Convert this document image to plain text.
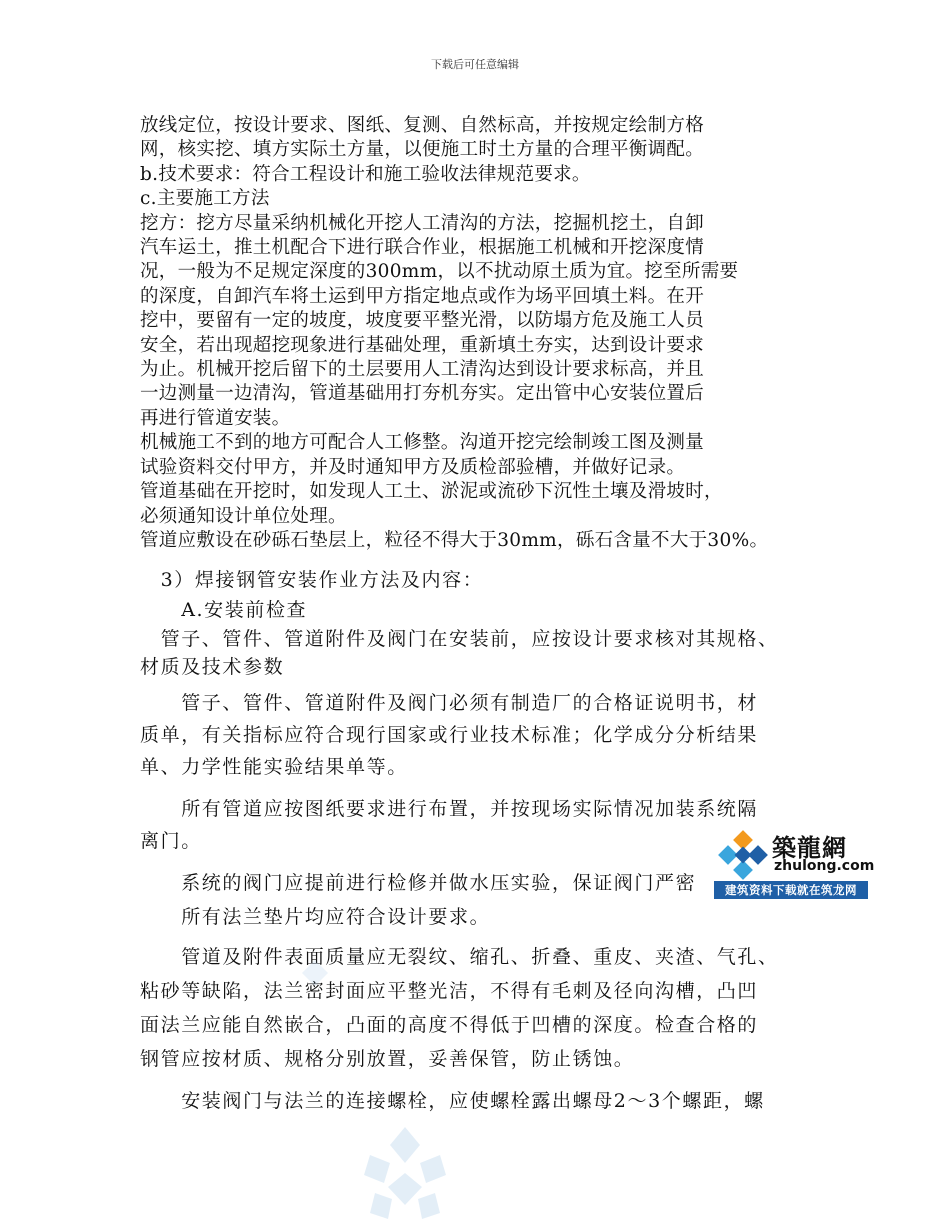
下载后可任意编辑

放线定位，按设计要求、图纸、复测、自然标高，并按规定绘制方格

网，核实挖、填方实际土方量，以便施工时土方量的合理平衡调配。

b.技术要求：符合工程设计和施工验收法律规范要求。

c.主要施工方法

挖方：挖方尽量采纳机械化开挖人工清沟的方法，挖掘机挖土，自卸

汽车运土，推土机配合下进行联合作业，根据施工机械和开挖深度情

况，一般为不足规定深度的300mm，以不扰动原土质为宜。挖至所需要

的深度，自卸汽车将土运到甲方指定地点或作为场平回填土料。在开

挖中，要留有一定的坡度，坡度要平整光滑，以防塌方危及施工人员

安全，若出现超挖现象进行基础处理，重新填土夯实，达到设计要求

为止。机械开挖后留下的土层要用人工清沟达到设计要求标高，并且

一边测量一边清沟，管道基础用打夯机夯实。定出管中心安装位置后

再进行管道安装。

机械施工不到的地方可配合人工修整。沟道开挖完绘制竣工图及测量

试验资料交付甲方，并及时通知甲方及质检部验槽，并做好记录。

管道基础在开挖时，如发现人工土、淤泥或流砂下沉性土壤及滑坡时，

必须通知设计单位处理。

管道应敷设在砂砾石垫层上，粒径不得大于30mm，砾石含量不大于30%。

　3）焊接钢管安装作业方法及内容：

　　A.安装前检查

　管子、管件、管道附件及阀门在安装前，应按设计要求核对其规格、

材质及技术参数

　　管子、管件、管道附件及阀门必须有制造厂的合格证说明书，材

质单，有关指标应符合现行国家或行业技术标准；化学成分分析结果

单、力学性能实验结果单等。

　　所有管道应按图纸要求进行布置，并按现场实际情况加装系统隔

离门。

　　系统的阀门应提前进行检修并做水压实验，保证阀门严密

　　所有法兰垫片均应符合设计要求。

　　管道及附件表面质量应无裂纹、缩孔、折叠、重皮、夹渣、气孔、

粘砂等缺陷，法兰密封面应平整光洁，不得有毛刺及径向沟槽，凸凹

面法兰应能自然嵌合，凸面的高度不得低于凹槽的深度。检查合格的

钢管应按材质、规格分别放置，妥善保管，防止锈蚀。

　　安装阀门与法兰的连接螺栓，应使螺栓露出螺母2～3个螺距，螺

築龍網
zhulong.com
建筑资料下载就在筑龙网
